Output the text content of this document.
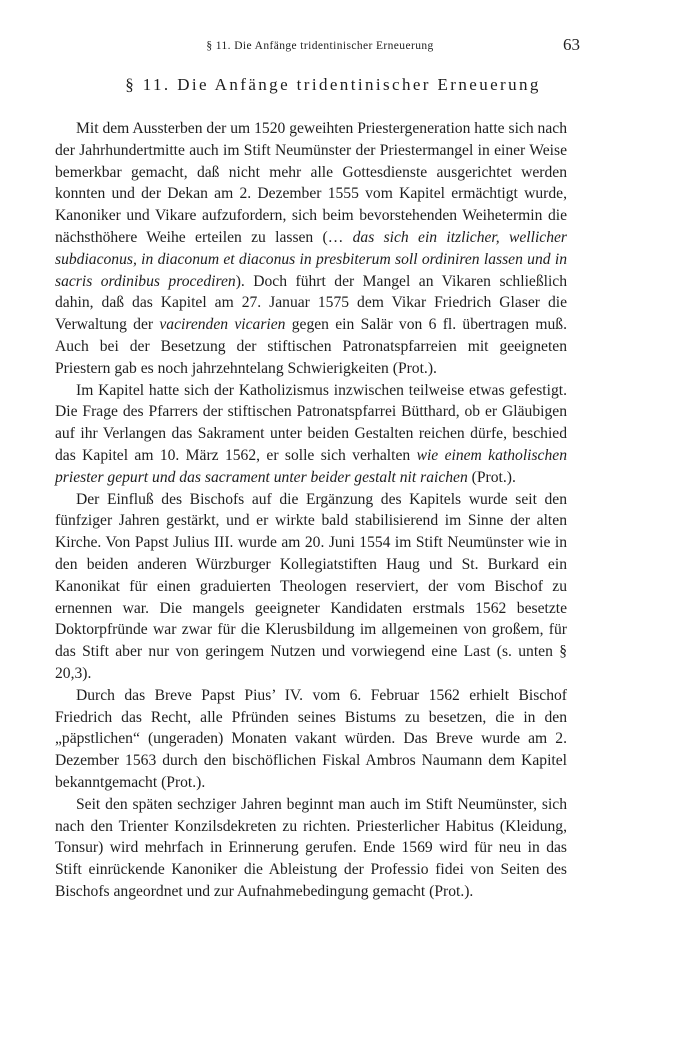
§ 11. Die Anfänge tridentinischer Erneuerung	63
§ 11. Die Anfänge tridentinischer Erneuerung

Mit dem Aussterben der um 1520 geweihten Priestergeneration hatte sich nach der Jahrhundertmitte auch im Stift Neumünster der Priestermangel in einer Weise bemerkbar gemacht, daß nicht mehr alle Gottesdienste ausgerichtet werden konnten und der Dekan am 2. Dezember 1555 vom Kapitel ermächtigt wurde, Kanoniker und Vikare aufzufordern, sich beim bevorstehenden Weihetermin die nächsthöhere Weihe erteilen zu lassen (… das sich ein itzlicher, wellicher subdiaconus, in diaconum et diaconus in presbiterum soll ordiniren lassen und in sacris ordinibus procediren). Doch führt der Mangel an Vikaren schließlich dahin, daß das Kapitel am 27. Januar 1575 dem Vikar Friedrich Glaser die Verwaltung der vacirenden vicarien gegen ein Salär von 6 fl. übertragen muß. Auch bei der Besetzung der stiftischen Patronatspfarreien mit geeigneten Priestern gab es noch jahrzehntelang Schwierigkeiten (Prot.).

Im Kapitel hatte sich der Katholizismus inzwischen teilweise etwas gefestigt. Die Frage des Pfarrers der stiftischen Patronatspfarrei Bütthard, ob er Gläubigen auf ihr Verlangen das Sakrament unter beiden Gestalten reichen dürfe, beschied das Kapitel am 10. März 1562, er solle sich verhalten wie einem katholischen priester gepurt und das sacrament unter beider gestalt nit raichen (Prot.).

Der Einfluß des Bischofs auf die Ergänzung des Kapitels wurde seit den fünfziger Jahren gestärkt, und er wirkte bald stabilisierend im Sinne der alten Kirche. Von Papst Julius III. wurde am 20. Juni 1554 im Stift Neumünster wie in den beiden anderen Würzburger Kollegiatstiften Haug und St. Burkard ein Kanonikat für einen graduierten Theologen reserviert, der vom Bischof zu ernennen war. Die mangels geeigneter Kandidaten erstmals 1562 besetzte Doktorpfründe war zwar für die Klerusbildung im allgemeinen von großem, für das Stift aber nur von geringem Nutzen und vorwiegend eine Last (s. unten § 20,3).

Durch das Breve Papst Pius’ IV. vom 6. Februar 1562 erhielt Bischof Friedrich das Recht, alle Pfründen seines Bistums zu besetzen, die in den „päpstlichen“ (ungeraden) Monaten vakant würden. Das Breve wurde am 2. Dezember 1563 durch den bischöflichen Fiskal Ambros Naumann dem Kapitel bekanntgemacht (Prot.).

Seit den späten sechziger Jahren beginnt man auch im Stift Neumünster, sich nach den Trienter Konzilsdekreten zu richten. Priesterlicher Habitus (Kleidung, Tonsur) wird mehrfach in Erinnerung gerufen. Ende 1569 wird für neu in das Stift einrückende Kanoniker die Ableistung der Professio fidei von Seiten des Bischofs angeordnet und zur Aufnahmebedingung gemacht (Prot.).
